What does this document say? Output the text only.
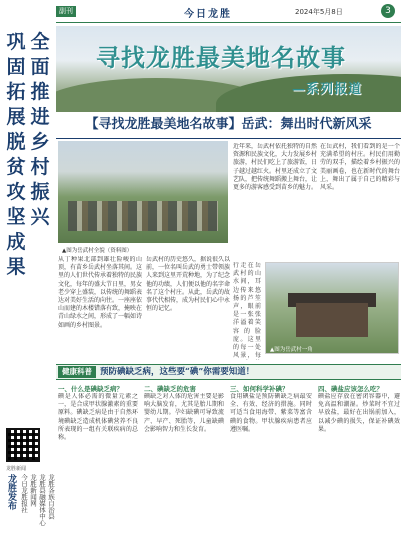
副刊	今日龙胜	2024年5月8日	3
巩固拓展脱贫攻坚成果
全面推进乡村振兴
龙胜新闻
龙胜发布 今日龙胜报社 龙胜新闻网 龙胜县融媒体中心 龙胜各族自治县
寻找龙胜最美地名故事
—系列报道
【寻找龙胜最美地名故事】岳武：舞出时代新风采
▲图为岳武村全貌（资料图）
从丁种果北部到雄壮险峻的山顶，有苗乡岳武村坐落其间。这里的人们世代传承着独特的民族文化，每年的盛大节日里，男女老少穿上盛装，以传统的舞蹈表达对美好生活的向往。一座座依山而建的木楼错落有致，掩映在青山绿水之间，形成了一幅如诗如画的乡村图景。
岳武村的历史悠久，据说很久以前，一位名叫岳武的勇士带领族人来到这里开荒种地，为了纪念他的功绩，人们便以他的名字命名了这个村庄。从此，岳武的故事代代相传，成为村民们心中永恒的记忆。
近年来，岳武村依托独特的自然资源和民族文化，大力发展乡村旅游，村民们吃上了旅游饭，日子越过越红火。村里还成立了文艺队，把传统舞蹈搬上舞台，让更多的游客感受到苗乡的魅力。
在岳武村，我们看到的是一个充满希望的村庄。村民们用勤劳的双手，描绘着乡村振兴的美丽画卷，也在新时代的舞台上，舞出了属于自己的精彩与风采。
行走在岳武村的山水间，耳边传来悠扬的芦笙声，眼前是一张张洋溢着笑容的脸庞。这里的每一处风景，每
▲图为岳武村一角
健康科普 预防碘缺乏病，这些要“碘”你需要知道！
一、什么是碘缺乏病？
碘是人体必需的微量元素之一，是合成甲状腺激素的重要原料。碘缺乏病是由于自然环境碘缺乏造成机体碘营养不良所表现的一组有关联疾病的总称。
二、碘缺乏的危害
碘缺乏对人体的危害主要是影响大脑发育，尤其是胎儿期和婴幼儿期。孕妇缺碘可导致流产、早产、死胎等，儿童缺碘会影响智力和生长发育。
三、如何科学补碘？
食用碘盐是预防碘缺乏病最安全、有效、经济的措施。同时可适当食用海带、紫菜等富含碘的食物。甲状腺疾病患者应遵医嘱。
四、碘盐应该怎么吃？
碘盐应存放在密闭容器中，避免高温和潮湿。炒菜时不宜过早放盐，最好在出锅前加入，以减少碘的损失，保证补碘效果。
